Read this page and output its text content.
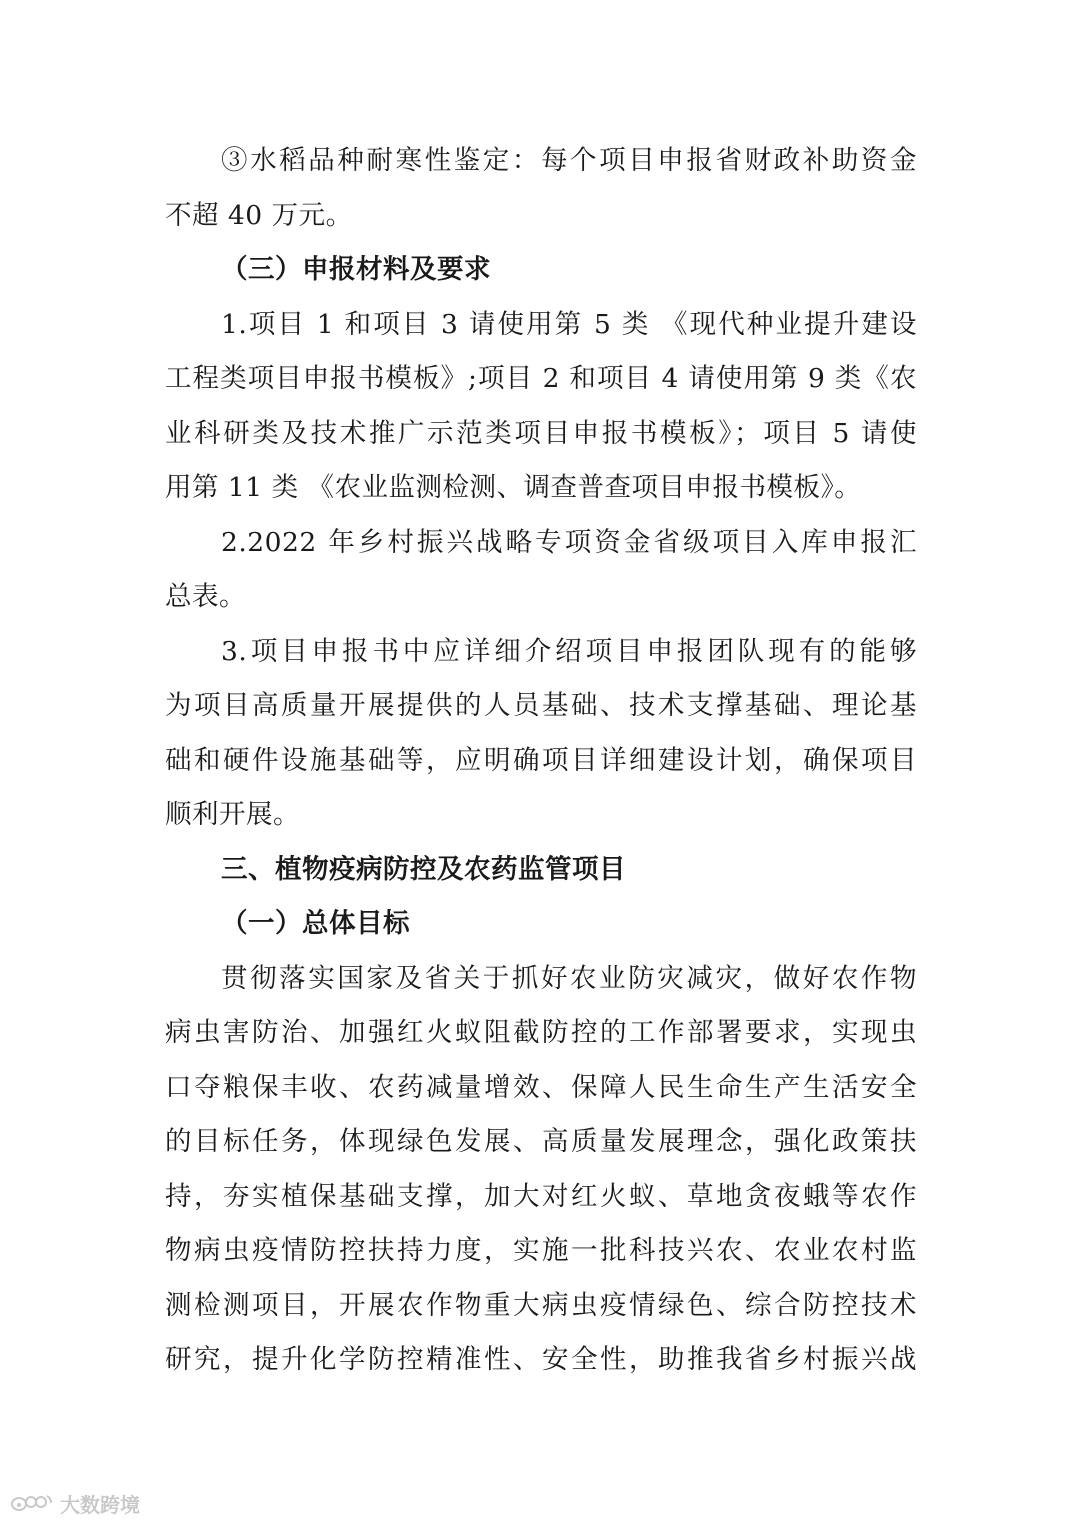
③水稻品种耐寒性鉴定：每个项目申报省财政补助资金
不超 40 万元。
（三）申报材料及要求
1.项目 1 和项目 3 请使用第 5 类 《现代种业提升建设
工程类项目申报书模板》;项目 2 和项目 4 请使用第 9 类《农
业科研类及技术推广示范类项目申报书模板》；项目 5 请使
用第 11 类 《农业监测检测、调查普查项目申报书模板》。
2.2022 年乡村振兴战略专项资金省级项目入库申报汇
总表。
3.项目申报书中应详细介绍项目申报团队现有的能够
为项目高质量开展提供的人员基础、技术支撑基础、理论基
础和硬件设施基础等，应明确项目详细建设计划，确保项目
顺利开展。
三、植物疫病防控及农药监管项目
（一）总体目标
贯彻落实国家及省关于抓好农业防灾减灾，做好农作物
病虫害防治、加强红火蚁阻截防控的工作部署要求，实现虫
口夺粮保丰收、农药减量增效、保障人民生命生产生活安全
的目标任务，体现绿色发展、高质量发展理念，强化政策扶
持，夯实植保基础支撑，加大对红火蚁、草地贪夜蛾等农作
物病虫疫情防控扶持力度，实施一批科技兴农、农业农村监
测检测项目，开展农作物重大病虫疫情绿色、综合防控技术
研究，提升化学防控精准性、安全性，助推我省乡村振兴战
大数跨境
